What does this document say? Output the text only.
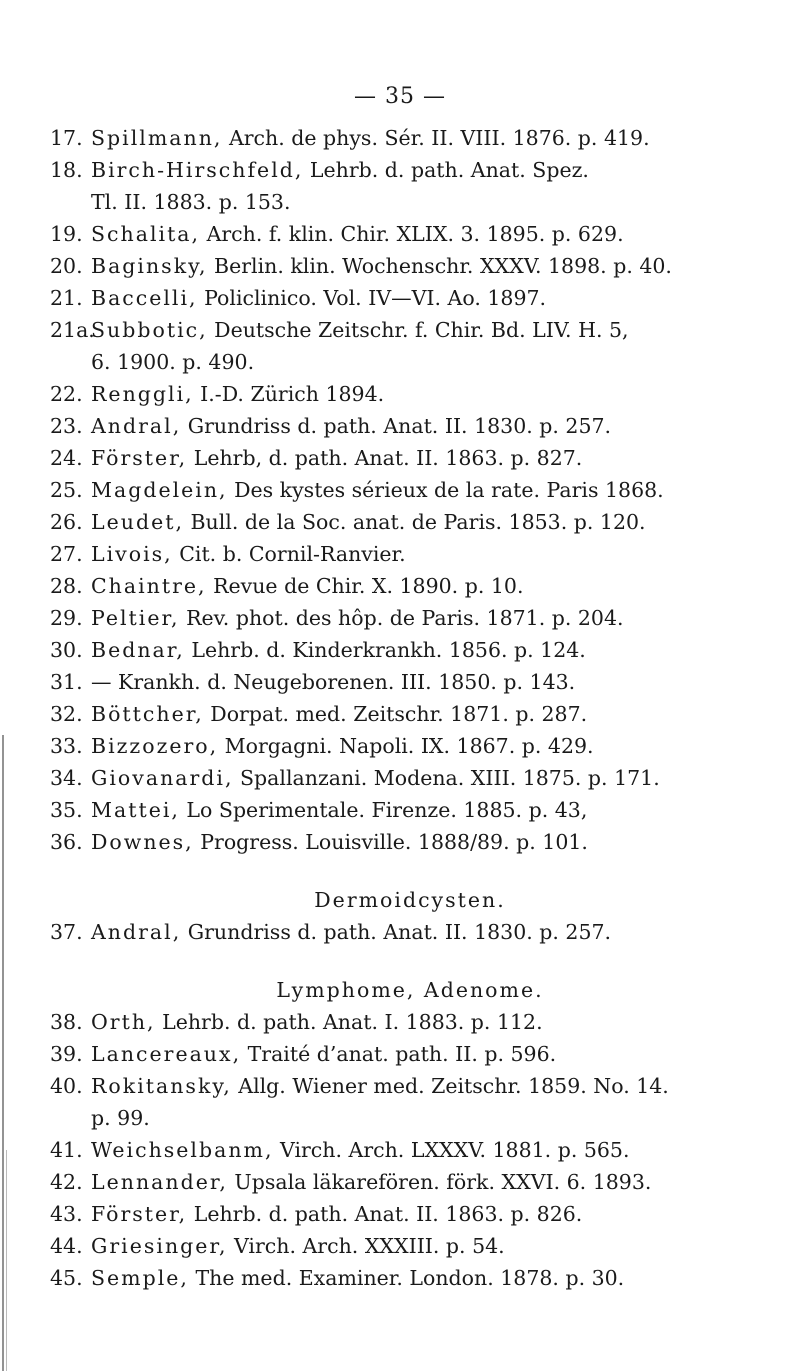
— 35 —
17. Spillmann, Arch. de phys. Sér. II. VIII. 1876. p. 419.
18. Birch-Hirschfeld, Lehrb. d. path. Anat. Spez.
Tl. II. 1883. p. 153.
19. Schalita, Arch. f. klin. Chir. XLIX. 3. 1895. p. 629.
20. Baginsky, Berlin. klin. Wochenschr. XXXV. 1898. p. 40.
21. Baccelli, Policlinico. Vol. IV—VI. Ao. 1897.
21a.Subbotic, Deutsche Zeitschr. f. Chir. Bd. LIV. H. 5,
6. 1900. p. 490.
22. Renggli, I.-D. Zürich 1894.
23. Andral, Grundriss d. path. Anat. II. 1830. p. 257.
24. Förster, Lehrb, d. path. Anat. II. 1863. p. 827.
25. Magdelein, Des kystes sérieux de la rate. Paris 1868.
26. Leudet, Bull. de la Soc. anat. de Paris. 1853. p. 120.
27. Livois, Cit. b. Cornil-Ranvier.
28. Chaintre, Revue de Chir. X. 1890. p. 10.
29. Peltier, Rev. phot. des hôp. de Paris. 1871. p. 204.
30. Bednar, Lehrb. d. Kinderkrankh. 1856. p. 124.
31. — Krankh. d. Neugeborenen. III. 1850. p. 143.
32. Böttcher, Dorpat. med. Zeitschr. 1871. p. 287.
33. Bizzozero, Morgagni. Napoli. IX. 1867. p. 429.
34. Giovanardi, Spallanzani. Modena. XIII. 1875. p. 171.
35. Mattei, Lo Sperimentale. Firenze. 1885. p. 43,
36. Downes, Progress. Louisville. 1888/89. p. 101.
Dermoidcysten.
37. Andral, Grundriss d. path. Anat. II. 1830. p. 257.
Lymphome, Adenome.
38. Orth, Lehrb. d. path. Anat. I. 1883. p. 112.
39. Lancereaux, Traité d’anat. path. II. p. 596.
40. Rokitansky, Allg. Wiener med. Zeitschr. 1859. No. 14.
p. 99.
41. Weichselbanm, Virch. Arch. LXXXV. 1881. p. 565.
42. Lennander, Upsala läkarefören. förk. XXVI. 6. 1893.
43. Förster, Lehrb. d. path. Anat. II. 1863. p. 826.
44. Griesinger, Virch. Arch. XXXIII. p. 54.
45. Semple, The med. Examiner. London. 1878. p. 30.
